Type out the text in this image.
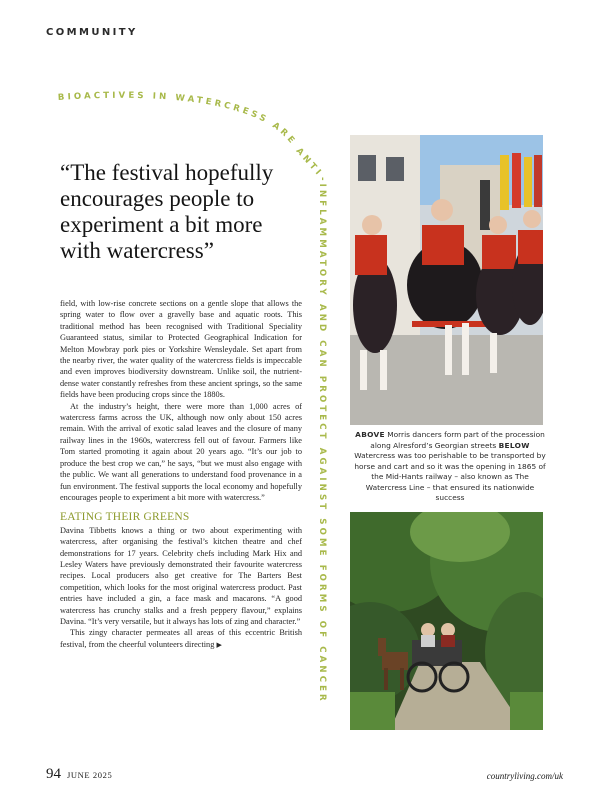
COMMUNITY
BIOACTIVES IN WATERCRESS ARE ANTI-INFLAMMATORY AND CAN PROTECT AGAINST SOME FORMS OF CANCER
“The festival hopefully encourages people to experiment a bit more with watercress”

field, with low-rise concrete sections on a gentle slope that allows the spring water to flow over a gravelly base and aquatic roots. This traditional method has been recognised with Traditional Speciality Guaranteed status, similar to Protected Geographical Indication for Melton Mowbray pork pies or Yorkshire Wensleydale. Set apart from the nearby river, the water quality of the watercress fields is impeccable and even improves biodiversity downstream. Unlike soil, the nutrient-dense water constantly refreshes from these ancient springs, so the same fields have been producing crops since the 1880s.

At the industry’s height, there were more than 1,000 acres of watercress farms across the UK, although now only about 150 acres remain. With the arrival of exotic salad leaves and the closure of many railway lines in the 1960s, watercress fell out of favour. Farmers like Tom started promoting it again about 20 years ago. “It’s our job to produce the best crop we can,” he says, “but we must also engage with the public. We want all generations to understand food provenance in a fun environment. The festival supports the local economy and hopefully encourages people to experiment a bit more with watercress.”

EATING THEIR GREENS

Davina Tibbetts knows a thing or two about experimenting with watercress, after organising the festival’s kitchen theatre and chef demonstrations for 17 years. Celebrity chefs including Mark Hix and Lesley Waters have previously demonstrated their favourite watercress recipes. Local producers also get creative for The Barters Best competition, which looks for the most original watercress product. Past entries have included a gin, a face mask and macarons. “A good watercress has crunchy stalks and a fresh peppery flavour,” explains Davina. “It’s very versatile, but it always has lots of zing and character.”

This zingy character permeates all areas of this eccentric British festival, from the cheerful volunteers directing ▶

ABOVE Morris dancers form part of the procession along Alresford’s Georgian streets BELOW Watercress was too perishable to be transported by horse and cart and so it was the opening in 1865 of the Mid-Hants railway – also known as The Watercress Line – that ensured its nationwide success
94 JUNE 2025	countryliving.com/uk
